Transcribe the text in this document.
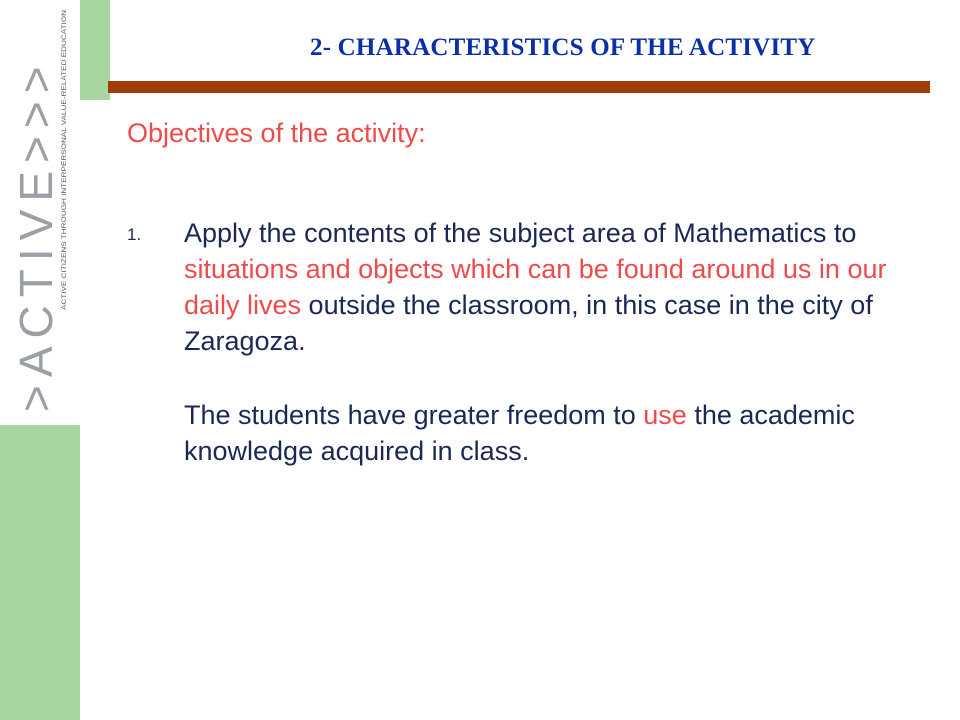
>ACTIVE>>> ACTIVE CITIZENS THROUGH INTERPERSONAL VALUE-RELATED EDUCATION
2- CHARACTERISTICS OF THE ACTIVITY
Objectives of the activity:
1. Apply the contents of the subject area of Mathematics to situations and objects which can be found around us in our daily lives outside the classroom, in this case in the city of Zaragoza.
The students have greater freedom to use the academic knowledge acquired in class.
